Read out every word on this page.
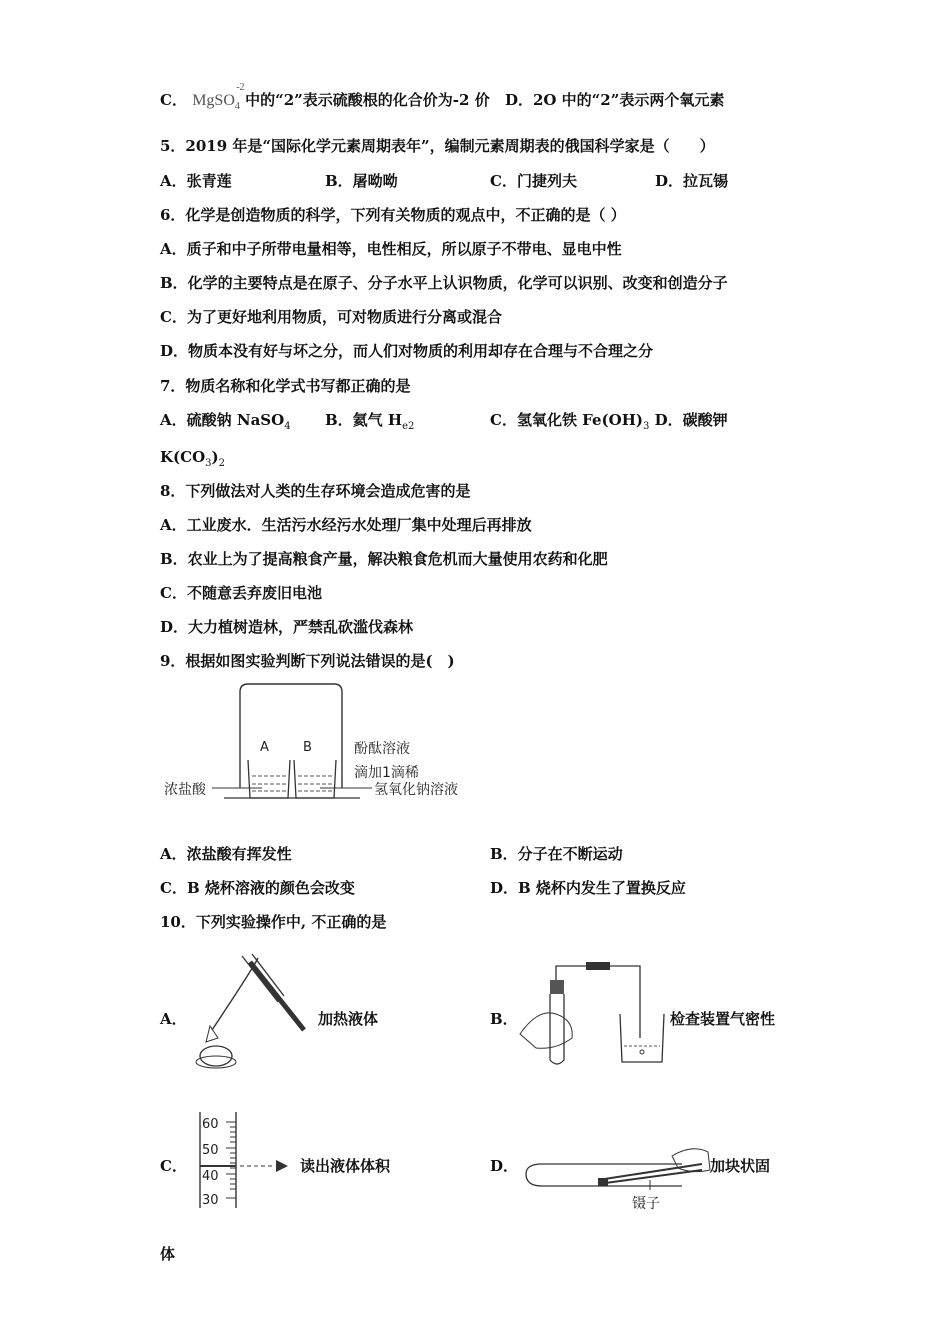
C． MgSO$_4$
-2
中的“2”表示硫酸根的化合价为-2 价 D．2O 中的“2”表示两个氧元素
5．2019 年是“国际化学元素周期表年”，编制元素周期表的俄国科学家是（　　）
A．张青莲	B．屠呦呦	C．门捷列夫	D．拉瓦锡
6．化学是创造物质的科学，下列有关物质的观点中，不正确的是（ ）
A．质子和中子所带电量相等，电性相反，所以原子不带电、显电中性
B．化学的主要特点是在原子、分子水平上认识物质，化学可以识别、改变和创造分子
C．为了更好地利用物质，可对物质进行分离或混合
D．物质本没有好与坏之分，而人们对物质的利用却存在合理与不合理之分
7．物质名称和化学式书写都正确的是
A．硫酸钠 NaSO$_4$ B．氦气 $H_{e2}$	C．氢氧化铁 $Fe(OH)_3$ D．碳酸钾
$K(CO_3)_2$
8．下列做法对人类的生存环境会造成危害的是
A．工业废水．生活污水经污水处理厂集中处理后再排放
B．农业上为了提高粮食产量，解决粮食危机而大量使用农药和化肥
C．不随意丢弃废旧电池
D．大力植树造林，严禁乱砍滥伐森林
9．根据如图实验判断下列说法错误的是(　)
A	B	酚酞溶液
滴加1滴稀
氢氧化钠溶液
浓盐酸
A．浓盐酸有挥发性	B．分子在不断运动
C．B 烧杯溶液的颜色会改变	D．B 烧杯内发生了置换反应
10．下列实验操作中, 不正确的是
A．	加热液体	B．	检查装置气密性
C．
60
50
40
30
读出液体体积	D．
镊子
加块状固
体
